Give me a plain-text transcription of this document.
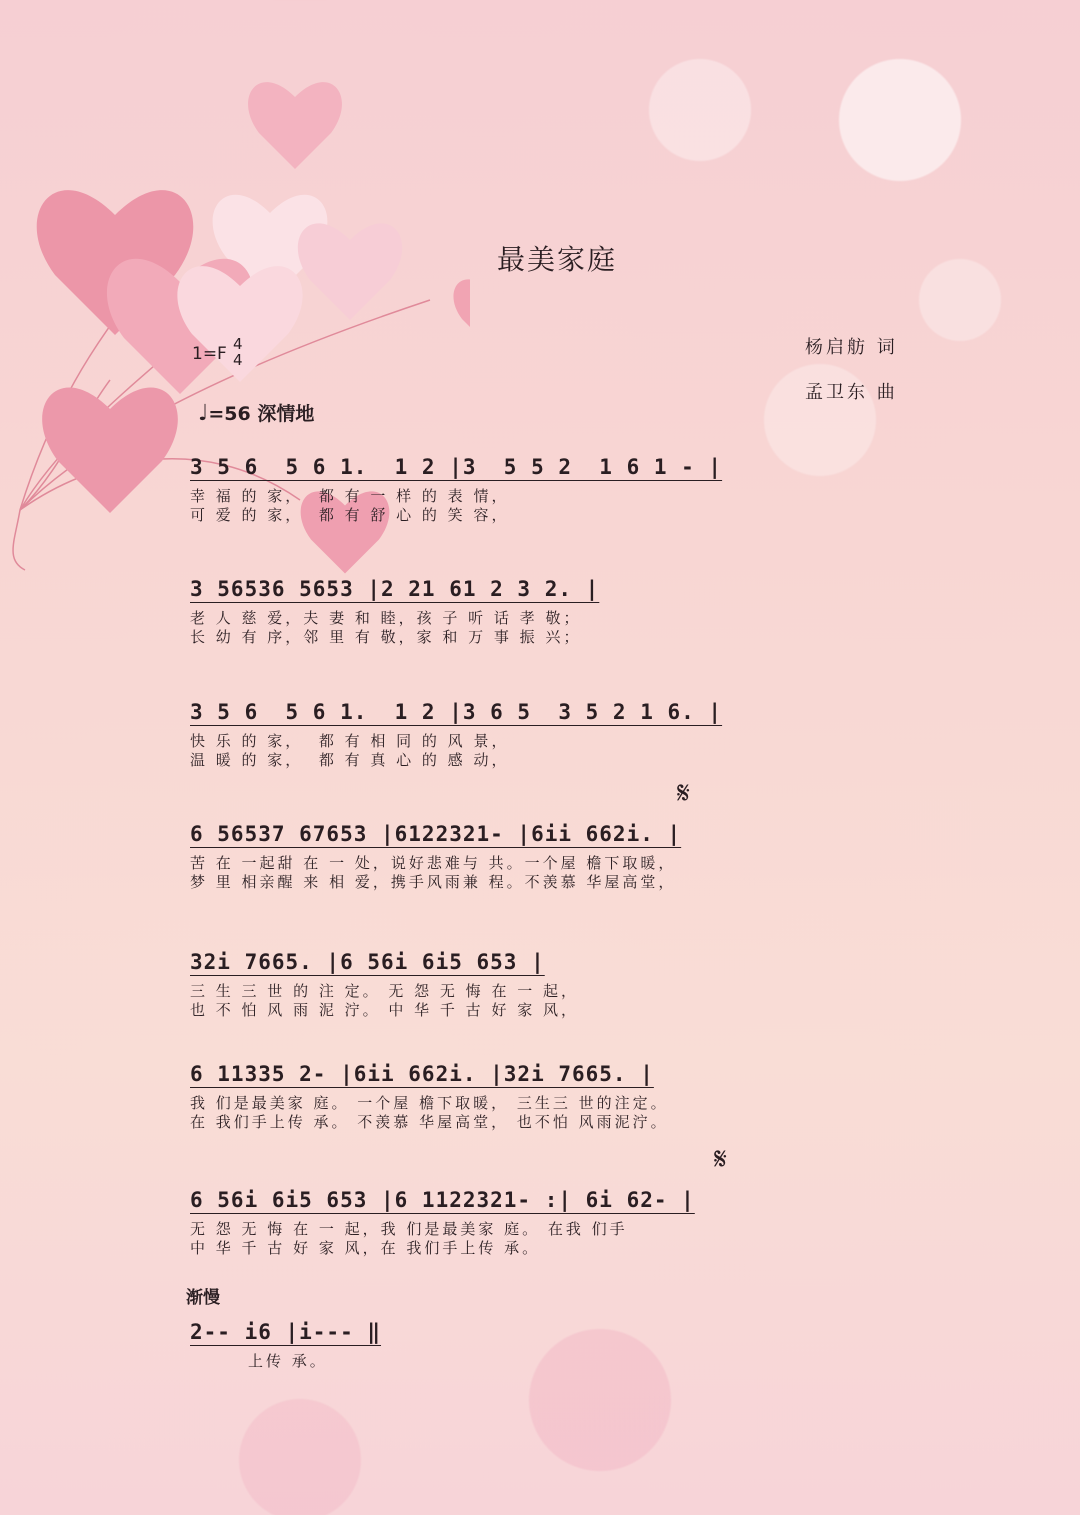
最美家庭
杨启舫 词
孟卫东 曲
1=F 4
4
♩=56 深情地
3 5 6  5 6 1.  1 2 |3  5 5 2  1 6 1 - |
幸 福 的 家，  都 有 一 样 的 表 情，
可 爱 的 家，  都 有 舒 心 的 笑 容，
3 56536 5653 |2 21 61 2 3 2. |
老 人 慈 爱，夫 妻 和 睦，孩 子 听 话 孝 敬；
长 幼 有 序，邻 里 有 敬，家 和 万 事 振 兴；
3 5 6  5 6 1.  1 2 |3 6 5  3 5 2 1 6. |
快 乐 的 家，  都 有 相 同 的 风 景，
温 暖 的 家，  都 有 真 心 的 感 动，
𝄋
6 56537 67653 |6122321- |6ii 662i. |
苦 在 一起甜 在 一 处，说好悲难与 共。一个屋 檐下取暖，
梦 里 相亲醒 来 相 爱，携手风雨兼 程。不羡慕 华屋高堂，
32i 7665. |6 56i 6i5 653 |
三 生 三 世 的 注 定。 无 怨 无 悔 在 一 起，
也 不 怕 风 雨 泥 泞。 中 华 千 古 好 家 风，
6 11335 2- |6ii 662i. |32i 7665. |
我 们是最美家 庭。 一个屋 檐下取暖， 三生三 世的注定。
在 我们手上传 承。 不羡慕 华屋高堂， 也不怕 风雨泥泞。
𝄋
6 56i 6i5 653 |6 1122321- :| 6i 62- |
无 怨 无 悔 在 一 起，我 们是最美家 庭。 在我 们手
中 华 千 古 好 家 风，在 我们手上传 承。
渐慢
2-- i6 |i--- ‖
上传 承。
